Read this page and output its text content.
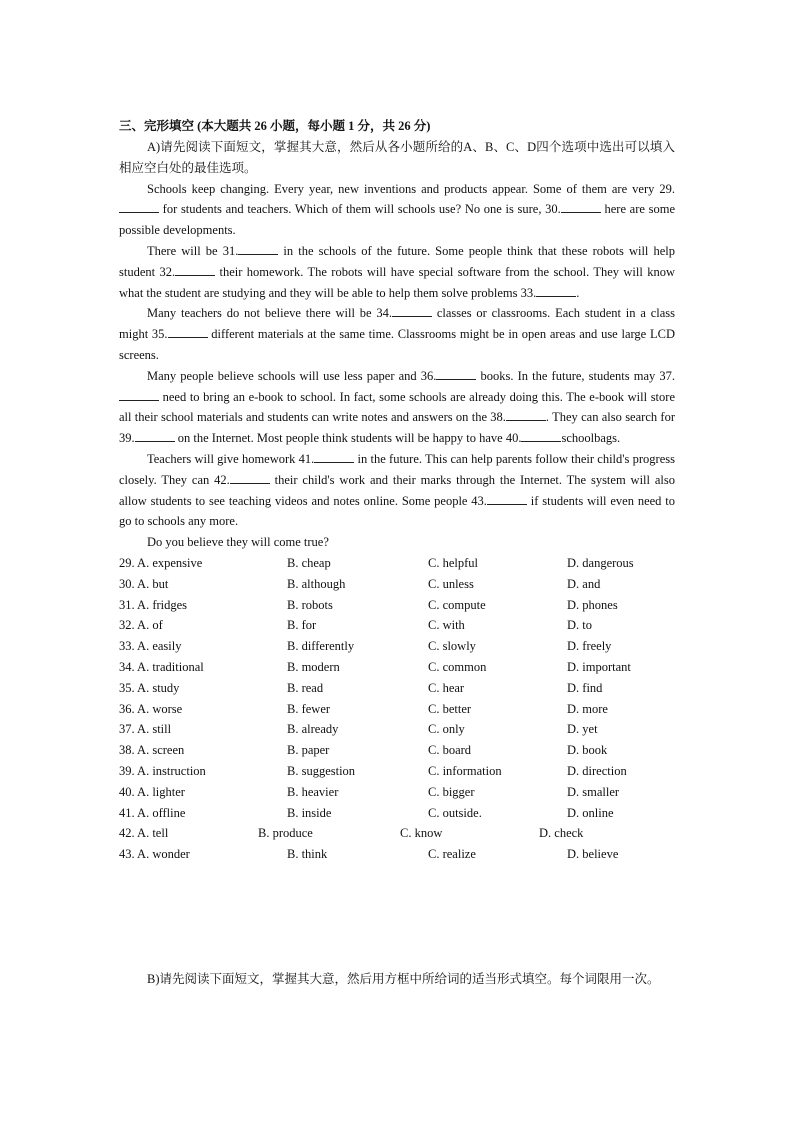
三、完形填空 (本大题共 26 小题，每小题 1 分，共 26 分)

A)请先阅读下面短文，掌握其大意，然后从各小题所给的A、B、C、D四个选项中选出可以填入相应空白处的最佳选项。

Schools keep changing. Every year, new inventions and products appear. Some of them are very 29. for students and teachers. Which of them will schools use? No one is sure, 30.	here are some possible developments.

There will be 31.	in the schools of the future. Some people think that these robots will help student 32.	their homework. The robots will have special software from the school. They will know what the student are studying and they will be able to help them solve problems 33.	.

Many teachers do not believe there will be 34.	classes or classrooms. Each student in a class might 35.	different materials at the same time. Classrooms might be in open areas and use large LCD screens.

Many people believe schools will use less paper and 36.	books. In the future, students may 37. need to bring an e-book to school. In fact, some schools are already doing this. The e-book will store all their school materials and students can write notes and answers on the 38.	. They can also search for 39.	on the Internet. Most people think students will be happy to have 40.	schoolbags.

Teachers will give homework 41.	in the future. This can help parents follow their child's progress closely. They can 42.	their child's work and their marks through the Internet. The system will also allow students to see teaching videos and notes online. Some people 43.	if students will even need to go to schools any more.

Do you believe they will come true?
29. A. expensive	B. cheap	C. helpful	D. dangerous
30. A. but	B. although	C. unless	D. and
31. A. fridges	B. robots	C. compute	D. phones
32. A. of	B. for	C. with	D. to
33. A. easily	B. differently	C. slowly	D. freely
34. A. traditional	B. modern	C. common	D. important
35. A. study	B. read	C. hear	D. find
36. A. worse	B. fewer	C. better	D. more
37. A. still	B. already	C. only	D. yet
38. A. screen	B. paper	C. board	D. book
39. A. instruction	B. suggestion	C. information	D. direction
40. A. lighter	B. heavier	C. bigger	D. smaller
41. A. offline	B. inside	C. outside.	D. online
42. A. tell	B. produce	C. know	D. check
43. A. wonder	B. think	C. realize	D. believe
B)请先阅读下面短文，掌握其大意，然后用方框中所给词的适当形式填空。每个词限用一次。
